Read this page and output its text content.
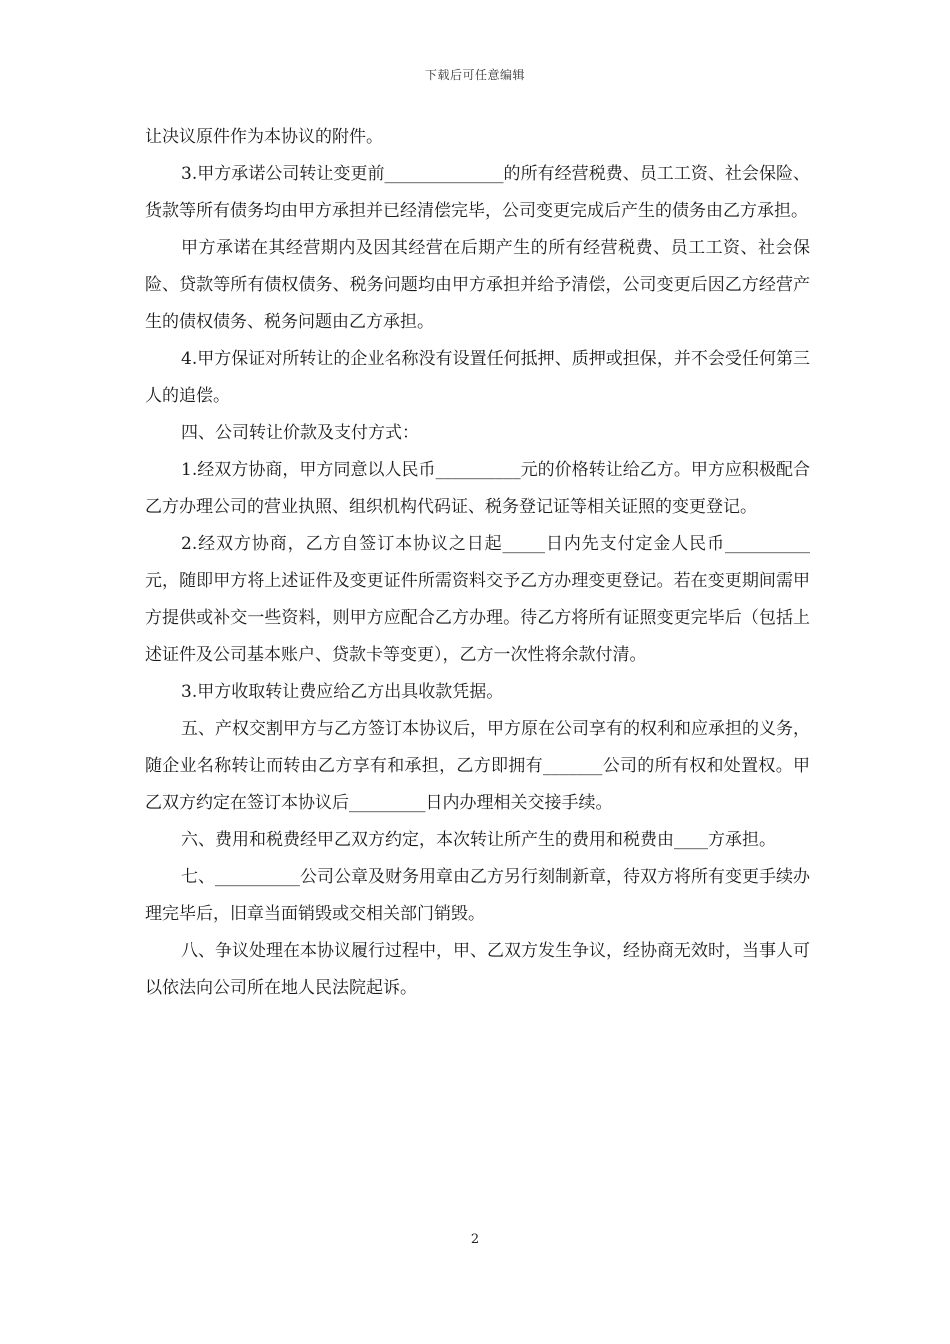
下载后可任意编辑

让决议原件作为本协议的附件。

3.甲方承诺公司转让变更前______________的所有经营税费、员工工资、社会保险、货款等所有债务均由甲方承担并已经清偿完毕，公司变更完成后产生的债务由乙方承担。

甲方承诺在其经营期内及因其经营在后期产生的所有经营税费、员工工资、社会保险、贷款等所有债权债务、税务问题均由甲方承担并给予清偿，公司变更后因乙方经营产生的债权债务、税务问题由乙方承担。

4.甲方保证对所转让的企业名称没有设置任何抵押、质押或担保，并不会受任何第三人的追偿。

四、公司转让价款及支付方式：

1.经双方协商，甲方同意以人民币__________元的价格转让给乙方。甲方应积极配合乙方办理公司的营业执照、组织机构代码证、税务登记证等相关证照的变更登记。

2.经双方协商，乙方自签订本协议之日起_____日内先支付定金人民币__________元，随即甲方将上述证件及变更证件所需资料交予乙方办理变更登记。若在变更期间需甲方提供或补交一些资料，则甲方应配合乙方办理。待乙方将所有证照变更完毕后（包括上述证件及公司基本账户、贷款卡等变更），乙方一次性将余款付清。

3.甲方收取转让费应给乙方出具收款凭据。

五、产权交割甲方与乙方签订本协议后，甲方原在公司享有的权利和应承担的义务，随企业名称转让而转由乙方享有和承担，乙方即拥有_______公司的所有权和处置权。甲乙双方约定在签订本协议后_________日内办理相关交接手续。

六、费用和税费经甲乙双方约定，本次转让所产生的费用和税费由____方承担。

七、__________公司公章及财务用章由乙方另行刻制新章，待双方将所有变更手续办理完毕后，旧章当面销毁或交相关部门销毁。

八、争议处理在本协议履行过程中，甲、乙双方发生争议，经协商无效时，当事人可以依法向公司所在地人民法院起诉。

2
